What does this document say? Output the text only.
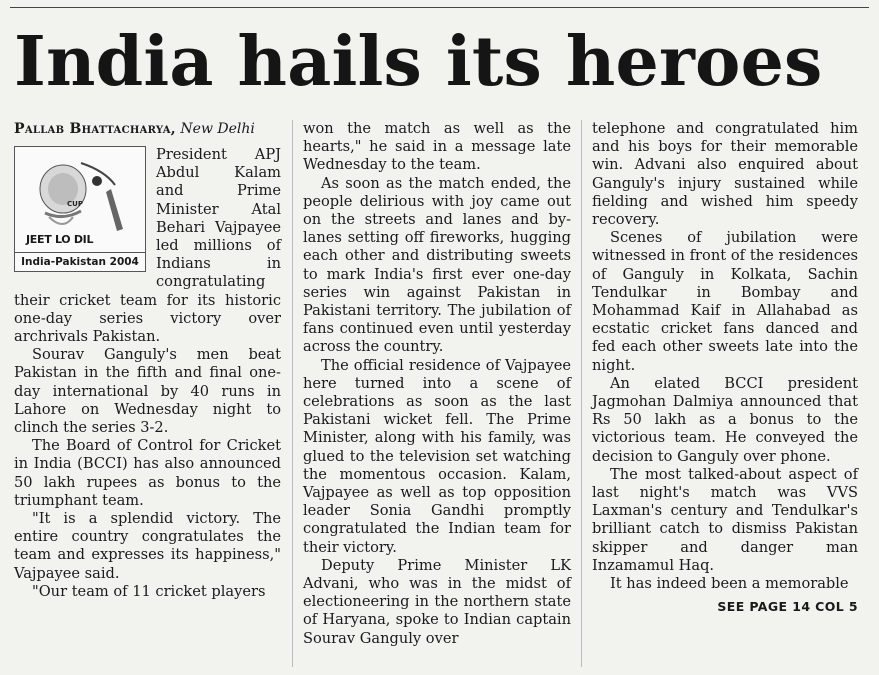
India hails its heroes
Pallab Bhattacharya, New Delhi
CUP
JEET LO DIL
India-Pakistan 2004

President APJ Abdul Kalam and Prime Minister Atal Behari Vajpayee led millions of Indians in congratulating their cricket team for its historic one-day series victory over archrivals Pakistan.

Sourav Ganguly's men beat Pakistan in the fifth and final one-day international by 40 runs in Lahore on Wednesday night to clinch the series 3-2.

The Board of Control for Cricket in India (BCCI) has also announced 50 lakh rupees as bonus to the triumphant team.

"It is a splendid victory. The entire country congratulates the team and expresses its happiness," Vajpayee said.

"Our team of 11 cricket players

won the match as well as the hearts," he said in a message late Wednesday to the team.

As soon as the match ended, the people delirious with joy came out on the streets and lanes and by-lanes setting off fireworks, hugging each other and distributing sweets to mark India's first ever one-day series win against Pakistan in Pakistani territory. The jubilation of fans continued even until yesterday across the country.

The official residence of Vajpayee here turned into a scene of celebrations as soon as the last Pakistani wicket fell. The Prime Minister, along with his family, was glued to the television set watching the momentous occasion. Kalam, Vajpayee as well as top opposition leader Sonia Gandhi promptly congratulated the Indian team for their victory.

Deputy Prime Minister LK Advani, who was in the midst of electioneering in the northern state of Haryana, spoke to Indian captain Sourav Ganguly over

telephone and congratulated him and his boys for their memorable win. Advani also enquired about Ganguly's injury sustained while fielding and wished him speedy recovery.

Scenes of jubilation were witnessed in front of the residences of Ganguly in Kolkata, Sachin Tendulkar in Bombay and Mohammad Kaif in Allahabad as ecstatic cricket fans danced and fed each other sweets late into the night.

An elated BCCI president Jagmohan Dalmiya announced that Rs 50 lakh as a bonus to the victorious team. He conveyed the decision to Ganguly over phone.

The most talked-about aspect of last night's match was VVS Laxman's century and Tendulkar's brilliant catch to dismiss Pakistan skipper and danger man Inzamamul Haq.

It has indeed been a memorable

SEE PAGE 14 COL 5
